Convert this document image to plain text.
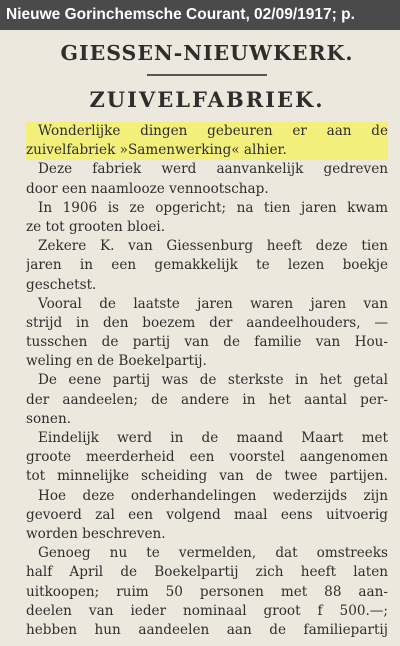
Nieuwe Gorinchemsche Courant, 02/09/1917; p.
GIESSEN-NIEUWKERK.
ZUIVELFABRIEK.
Wonderlijke dingen gebeuren er aan de
zuivelfabriek »Samenwerking« alhier.
Deze fabriek werd aanvankelijk gedreven
door een naamlooze vennootschap.
In 1906 is ze opgericht; na tien jaren kwam
ze tot grooten bloei.
Zekere K. van Giessenburg heeft deze tien
jaren in een gemakkelijk te lezen boekje
geschetst.
Vooral de laatste jaren waren jaren van
strijd in den boezem der aandeelhouders, —
tusschen de partij van de familie van Hou-
weling en de Boekelpartij.
De eene partij was de sterkste in het getal
der aandeelen; de andere in het aantal per-
sonen.
Eindelijk werd in de maand Maart met
groote meerderheid een voorstel aangenomen
tot minnelijke scheiding van de twee partijen.
Hoe deze onderhandelingen wederzijds zijn
gevoerd zal een volgend maal eens uitvoerig
worden beschreven.
Genoeg nu te vermelden, dat omstreeks
half April de Boekelpartij zich heeft laten
uitkoopen; ruim 50 personen met 88 aan-
deelen van ieder nominaal groot f 500.—;
hebben hun aandeelen aan de familiepartij
